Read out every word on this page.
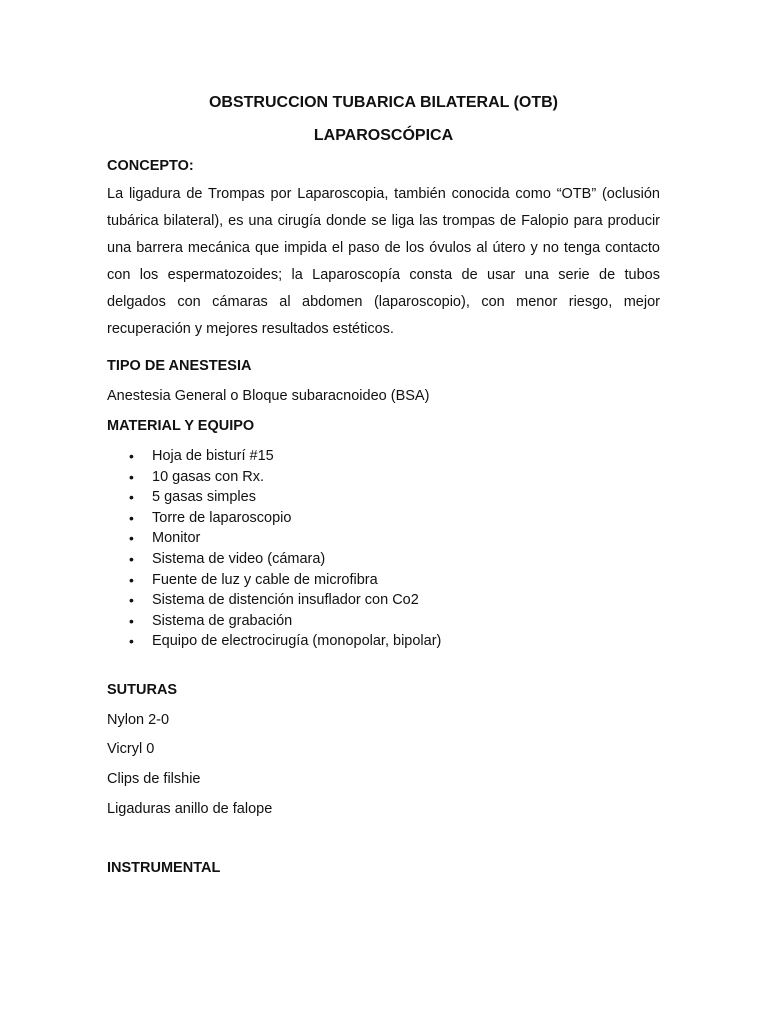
OBSTRUCCION TUBARICA BILATERAL (OTB)
LAPAROSCÓPICA
CONCEPTO:

La ligadura de Trompas por Laparoscopia, también conocida como “OTB” (oclusión tubárica bilateral), es una cirugía donde se liga las trompas de Falopio para producir una barrera mecánica que impida el paso de los óvulos al útero y no tenga contacto con los espermatozoides; la Laparoscopía consta de usar una serie de tubos delgados con cámaras al abdomen (laparoscopio), con menor riesgo, mejor recuperación y mejores resultados estéticos.

TIPO DE ANESTESIA

Anestesia General o Bloque subaracnoideo (BSA)

MATERIAL Y EQUIPO
• Hoja de bisturí #15
• 10 gasas con Rx.
• 5 gasas simples
• Torre de laparoscopio
• Monitor
• Sistema de video (cámara)
• Fuente de luz y cable de microfibra
• Sistema de distención insuflador con Co2
• Sistema de grabación
• Equipo de electrocirugía (monopolar, bipolar)
SUTURAS

Nylon 2-0

Vicryl 0

Clips de filshie

Ligaduras anillo de falope

INSTRUMENTAL
